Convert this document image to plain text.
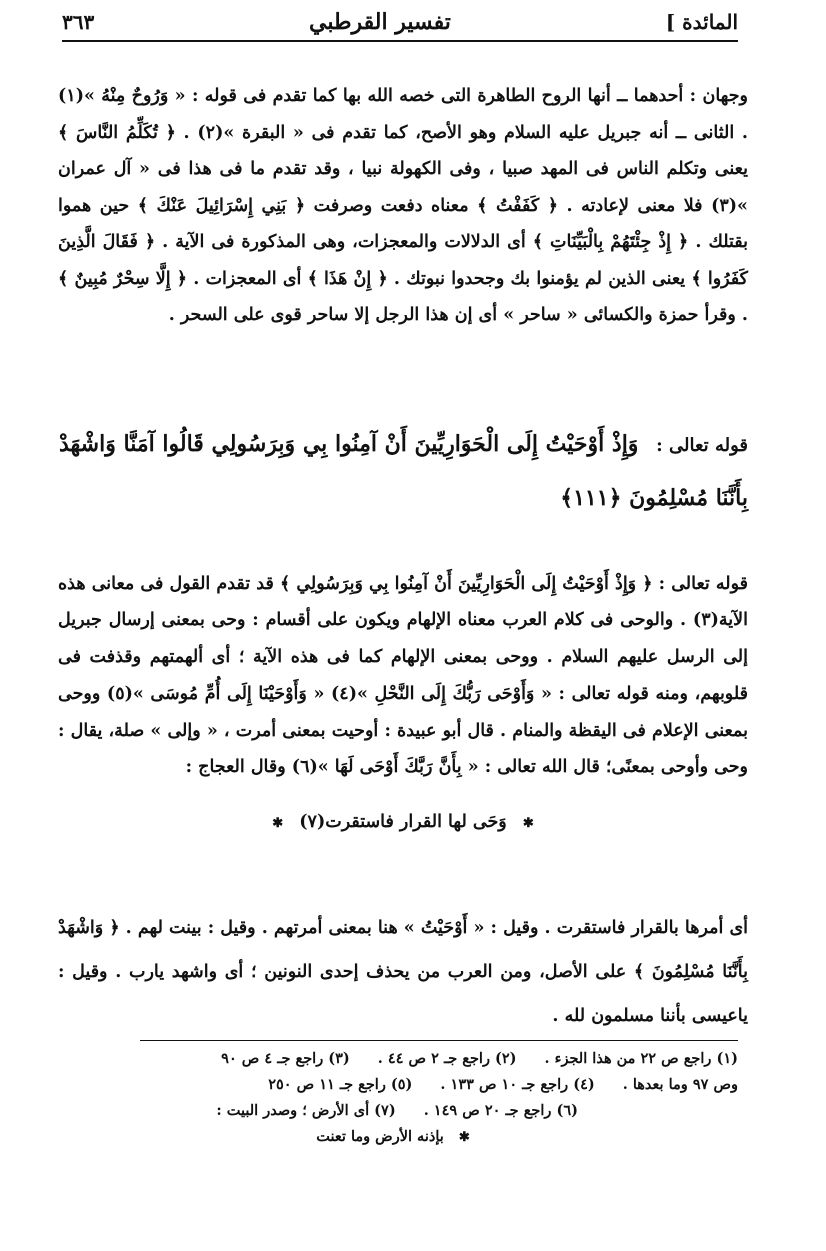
المائدة ]
تفسير القرطبي
٣٦٣

وجهان : أحدهما ــ أنها الروح الطاهرة التى خصه الله بها كما تقدم فى قوله : « وَرُوحٌ مِنْهُ »(١) . الثانى ــ أنه جبريل عليه السلام وهو الأصح، كما تقدم فى « البقرة »(٢) . ﴿ تُكَلِّمُ النَّاسَ ﴾ يعنى وتكلم الناس فى المهد صبيا ، وفى الكهولة نبيا ، وقد تقدم ما فى هذا فى « آل عمران »(٣) فلا معنى لإعادته . ﴿ كَفَفْتُ ﴾ معناه دفعت وصرفت ﴿ بَنِي إِسْرَائِيلَ عَنْكَ ﴾ حين هموا بقتلك . ﴿ إِذْ جِئْتَهُمْ بِالْبَيِّنَاتِ ﴾ أى الدلالات والمعجزات، وهى المذكورة فى الآية . ﴿ فَقَالَ الَّذِينَ كَفَرُوا ﴾ يعنى الذين لم يؤمنوا بك وجحدوا نبوتك . ﴿ إِنْ هَذَا ﴾ أى المعجزات . ﴿ إِلَّا سِحْرٌ مُبِينٌ ﴾ . وقرأ حمزة والكسائى « ساحر » أى إن هذا الرجل إلا ساحر قوى على السحر .

قوله تعالى : وَإِذْ أَوْحَيْتُ إِلَى الْحَوَارِيِّينَ أَنْ آمِنُوا بِي وَبِرَسُولِي قَالُوا آمَنَّا وَاشْهَدْ بِأَنَّنَا مُسْلِمُونَ ﴿١١١﴾

قوله تعالى : ﴿ وَإِذْ أَوْحَيْتُ إِلَى الْحَوَارِيِّينَ أَنْ آمِنُوا بِي وَبِرَسُولِي ﴾ قد تقدم القول فى معانى هذه الآية(٣) . والوحى فى كلام العرب معناه الإلهام ويكون على أقسام : وحى بمعنى إرسال جبريل إلى الرسل عليهم السلام . ووحى بمعنى الإلهام كما فى هذه الآية ؛ أى ألهمتهم وقذفت فى قلوبهم، ومنه قوله تعالى : « وَأَوْحَى رَبُّكَ إِلَى النَّحْلِ »(٤) « وَأَوْحَيْنَا إِلَى أُمِّ مُوسَى »(٥) ووحى بمعنى الإعلام فى اليقظة والمنام . قال أبو عبيدة : أوحيت بمعنى أمرت ، « وإلى » صلة، يقال : وحى وأوحى بمعنًى؛ قال الله تعالى : « بِأَنَّ رَبَّكَ أَوْحَى لَهَا »(٦) وقال العجاج :

✱ وَحَى لها القرار فاستقرت(٧) ✱

أى أمرها بالقرار فاستقرت . وقيل : « أَوْحَيْتُ » هنا بمعنى أمرتهم . وقيل : بينت لهم . ﴿ وَاشْهَدْ بِأَنَّنَا مُسْلِمُونَ ﴾ على الأصل، ومن العرب من يحذف إحدى النونين ؛ أى واشهد يارب . وقيل : ياعيسى بأننا مسلمون لله .

(١) راجع ص ٢٢ من هذا الجزء .
(٢) راجع جـ ٢ ص ٤٤ .
(٣) راجع جـ ٤ ص ٩٠
وص ٩٧ وما بعدها .
(٤) راجع جـ ١٠ ص ١٣٣ .
(٥) راجع جـ ١١ ص ٢٥٠
(٦) راجع جـ ٢٠ ص ١٤٩ .
(٧) أى الأرض ؛ وصدر البيت :
✱ بإذنه الأرض وما تعنت
